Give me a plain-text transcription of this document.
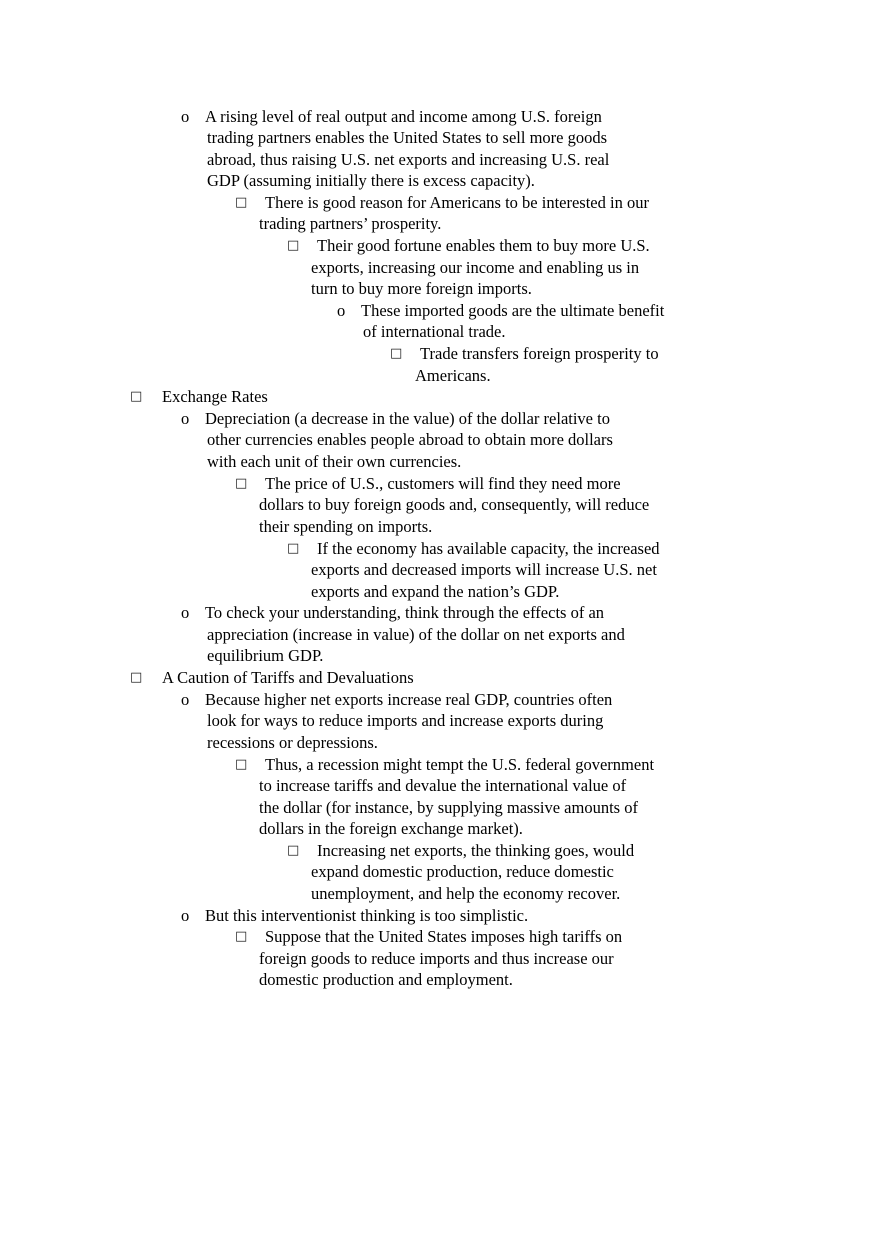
o A rising level of real output and income among U.S. foreign
trading partners enables the United States to sell more goods
abroad, thus raising U.S. net exports and increasing U.S. real
GDP (assuming initially there is excess capacity).
□ There is good reason for Americans to be interested in our
trading partners’ prosperity.
□ Their good fortune enables them to buy more U.S.
exports, increasing our income and enabling us in
turn to buy more foreign imports.
o These imported goods are the ultimate benefit
of international trade.
□ Trade transfers foreign prosperity to
Americans.
□ Exchange Rates
o Depreciation (a decrease in the value) of the dollar relative to
other currencies enables people abroad to obtain more dollars
with each unit of their own currencies.
□ The price of U.S., customers will find they need more
dollars to buy foreign goods and, consequently, will reduce
their spending on imports.
□ If the economy has available capacity, the increased
exports and decreased imports will increase U.S. net
exports and expand the nation’s GDP.
o To check your understanding, think through the effects of an
appreciation (increase in value) of the dollar on net exports and
equilibrium GDP.
□ A Caution of Tariffs and Devaluations
o Because higher net exports increase real GDP, countries often
look for ways to reduce imports and increase exports during
recessions or depressions.
□ Thus, a recession might tempt the U.S. federal government
to increase tariffs and devalue the international value of
the dollar (for instance, by supplying massive amounts of
dollars in the foreign exchange market).
□ Increasing net exports, the thinking goes, would
expand domestic production, reduce domestic
unemployment, and help the economy recover.
o But this interventionist thinking is too simplistic.
□ Suppose that the United States imposes high tariffs on
foreign goods to reduce imports and thus increase our
domestic production and employment.
